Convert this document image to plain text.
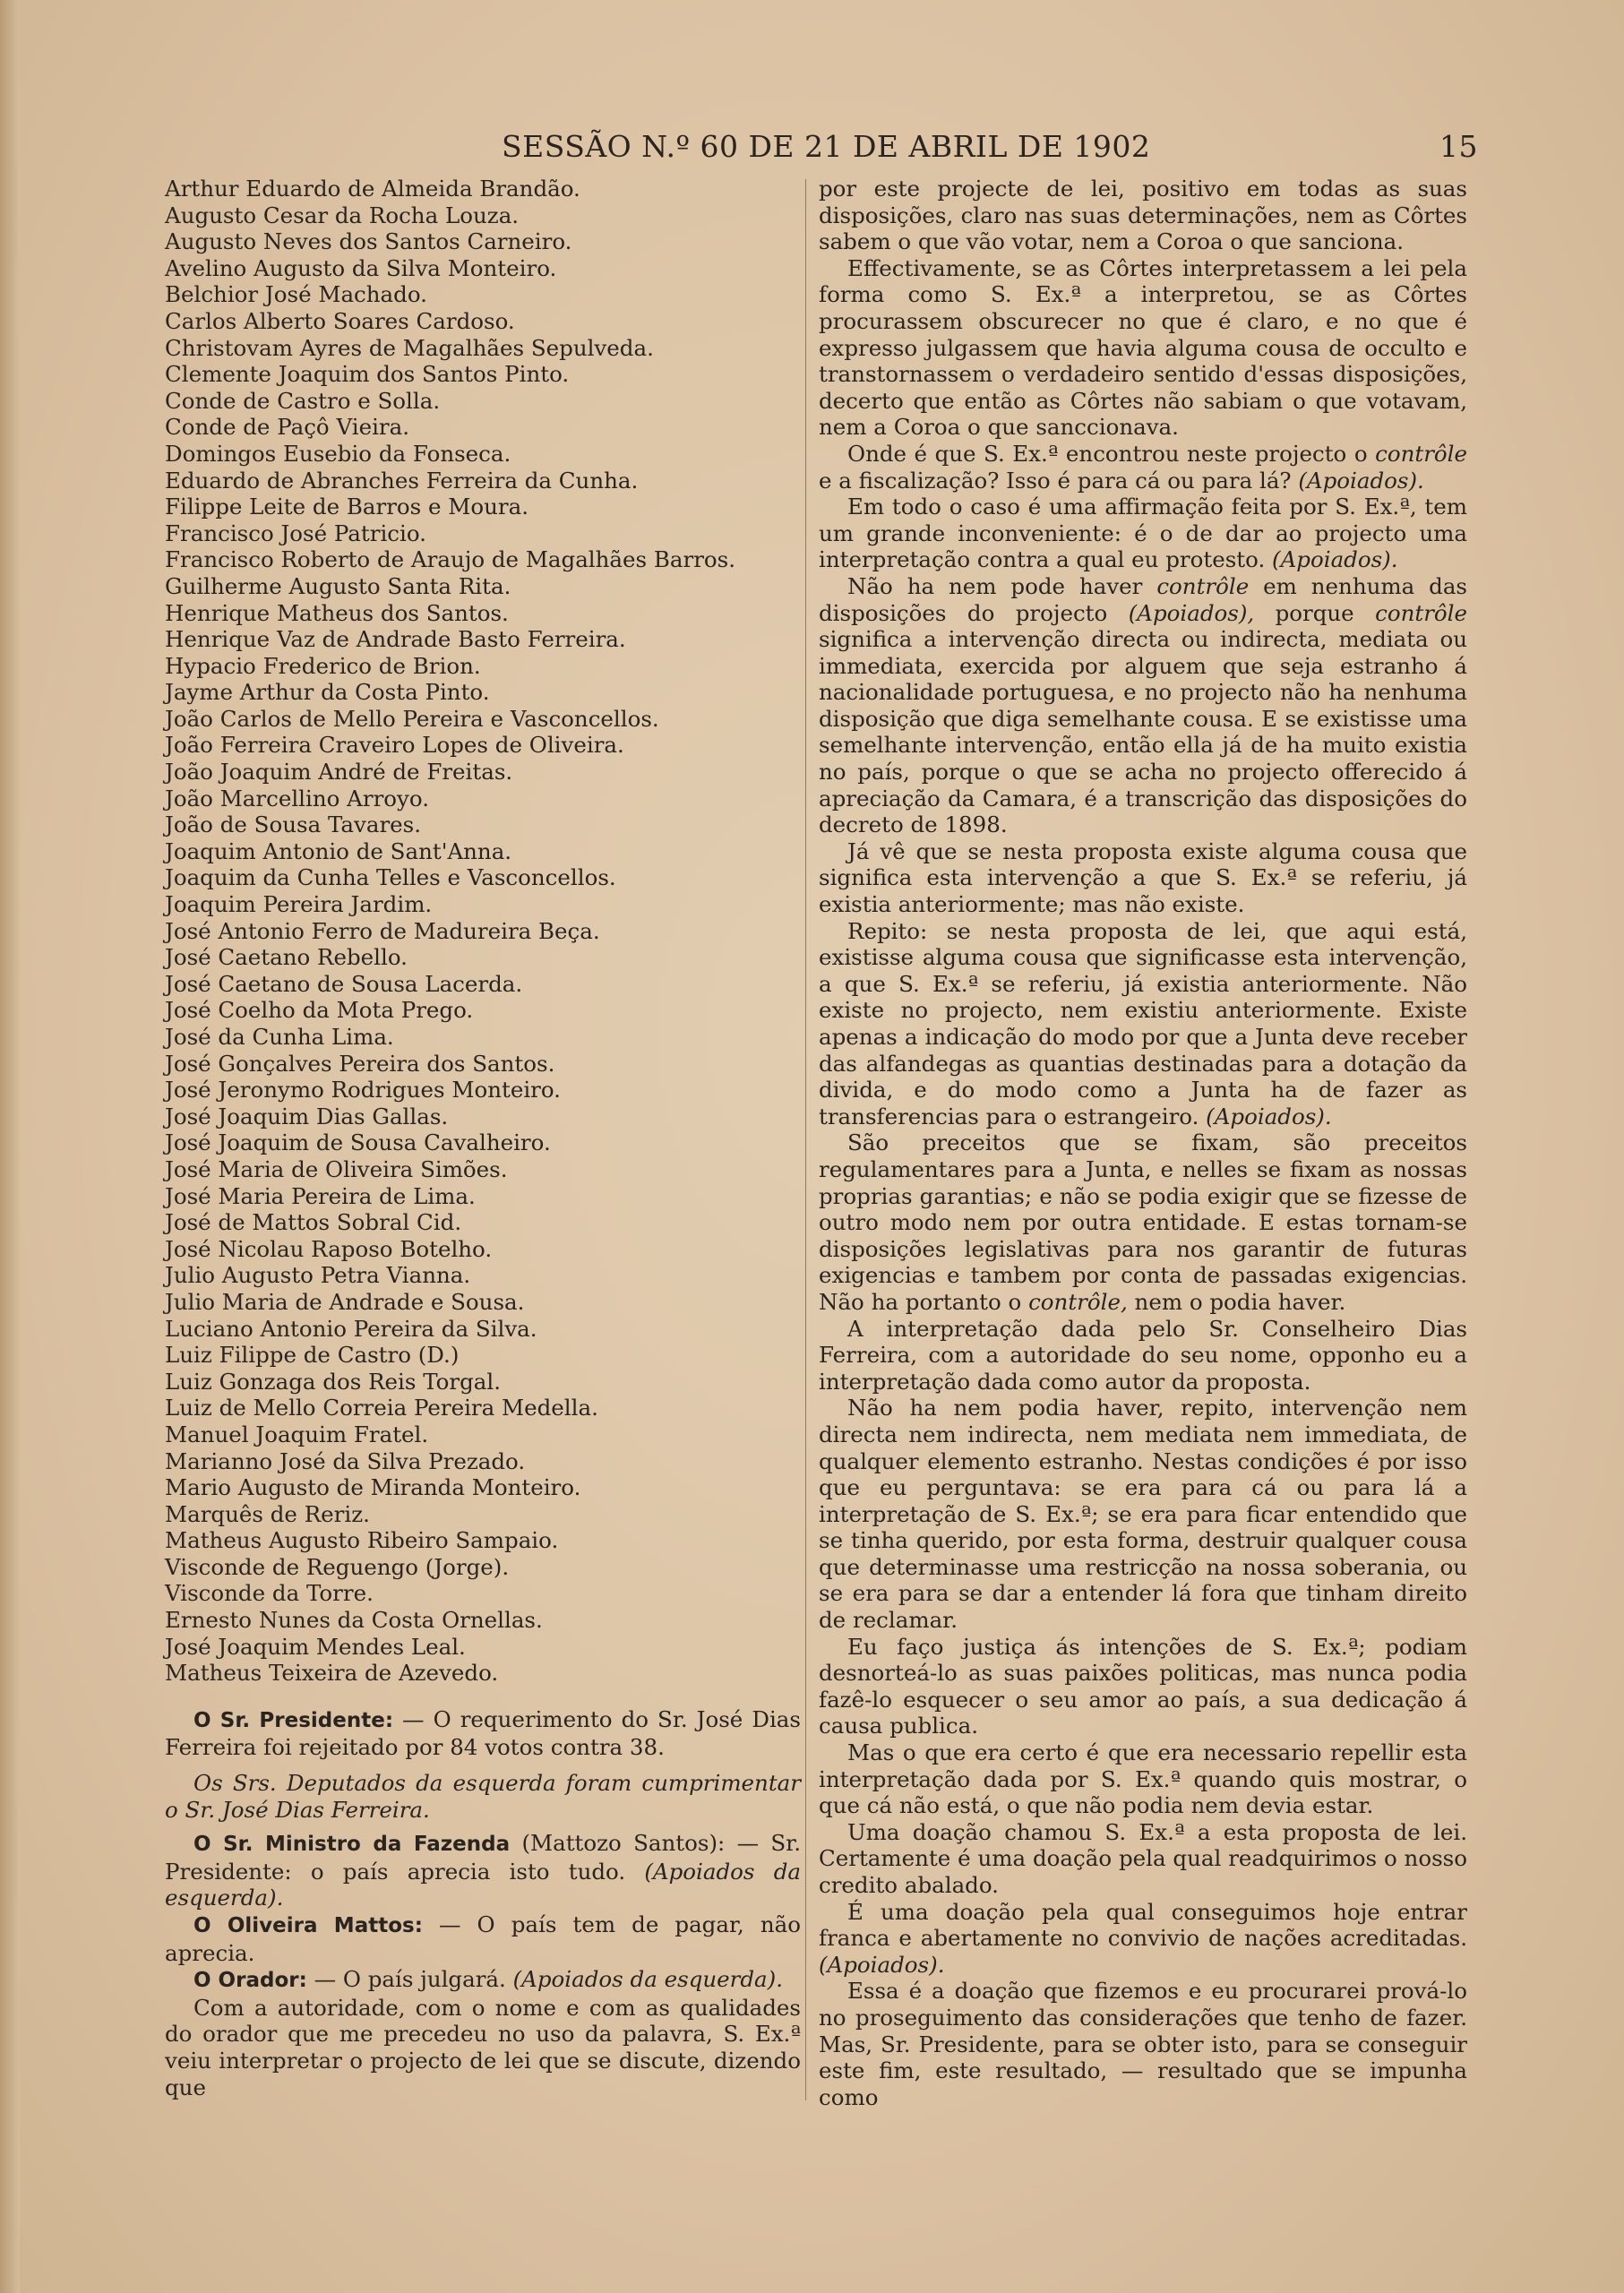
SESSÃO N.º 60 DE 21 DE ABRIL DE 1902	15
Arthur Eduardo de Almeida Brandão.
Augusto Cesar da Rocha Louza.
Augusto Neves dos Santos Carneiro.
Avelino Augusto da Silva Monteiro.
Belchior José Machado.
Carlos Alberto Soares Cardoso.
Christovam Ayres de Magalhães Sepulveda.
Clemente Joaquim dos Santos Pinto.
Conde de Castro e Solla.
Conde de Paçô Vieira.
Domingos Eusebio da Fonseca.
Eduardo de Abranches Ferreira da Cunha.
Filippe Leite de Barros e Moura.
Francisco José Patricio.
Francisco Roberto de Araujo de Magalhães Barros.
Guilherme Augusto Santa Rita.
Henrique Matheus dos Santos.
Henrique Vaz de Andrade Basto Ferreira.
Hypacio Frederico de Brion.
Jayme Arthur da Costa Pinto.
João Carlos de Mello Pereira e Vasconcellos.
João Ferreira Craveiro Lopes de Oliveira.
João Joaquim André de Freitas.
João Marcellino Arroyo.
João de Sousa Tavares.
Joaquim Antonio de Sant'Anna.
Joaquim da Cunha Telles e Vasconcellos.
Joaquim Pereira Jardim.
José Antonio Ferro de Madureira Beça.
José Caetano Rebello.
José Caetano de Sousa Lacerda.
José Coelho da Mota Prego.
José da Cunha Lima.
José Gonçalves Pereira dos Santos.
José Jeronymo Rodrigues Monteiro.
José Joaquim Dias Gallas.
José Joaquim de Sousa Cavalheiro.
José Maria de Oliveira Simões.
José Maria Pereira de Lima.
José de Mattos Sobral Cid.
José Nicolau Raposo Botelho.
Julio Augusto Petra Vianna.
Julio Maria de Andrade e Sousa.
Luciano Antonio Pereira da Silva.
Luiz Filippe de Castro (D.)
Luiz Gonzaga dos Reis Torgal.
Luiz de Mello Correia Pereira Medella.
Manuel Joaquim Fratel.
Marianno José da Silva Prezado.
Mario Augusto de Miranda Monteiro.
Marquês de Reriz.
Matheus Augusto Ribeiro Sampaio.
Visconde de Reguengo (Jorge).
Visconde da Torre.
Ernesto Nunes da Costa Ornellas.
José Joaquim Mendes Leal.
Matheus Teixeira de Azevedo.

O Sr. Presidente: — O requerimento do Sr. José Dias Ferreira foi rejeitado por 84 votos contra 38.

Os Srs. Deputados da esquerda foram cumprimentar o Sr. José Dias Ferreira.

O Sr. Ministro da Fazenda (Mattozo Santos): — Sr. Presidente: o país aprecia isto tudo. (Apoiados da esquerda).

O Oliveira Mattos: — O país tem de pagar, não aprecia.

O Orador: — O país julgará. (Apoiados da esquerda).

Com a autoridade, com o nome e com as qualidades do orador que me precedeu no uso da palavra, S. Ex.ª veiu interpretar o projecto de lei que se discute, dizendo que

por este projecte de lei, positivo em todas as suas disposições, claro nas suas determinações, nem as Côrtes sabem o que vão votar, nem a Coroa o que sanciona.

Effectivamente, se as Côrtes interpretassem a lei pela forma como S. Ex.ª a interpretou, se as Côrtes procurassem obscurecer no que é claro, e no que é expresso julgassem que havia alguma cousa de occulto e transtornassem o verdadeiro sentido d'essas disposições, decerto que então as Côrtes não sabiam o que votavam, nem a Coroa o que sanccionava.

Onde é que S. Ex.ª encontrou neste projecto o contrôle e a fiscalização? Isso é para cá ou para lá? (Apoiados).

Em todo o caso é uma affirmação feita por S. Ex.ª, tem um grande inconveniente: é o de dar ao projecto uma interpretação contra a qual eu protesto. (Apoiados).

Não ha nem pode haver contrôle em nenhuma das disposições do projecto (Apoiados), porque contrôle significa a intervenção directa ou indirecta, mediata ou immediata, exercida por alguem que seja estranho á nacionalidade portuguesa, e no projecto não ha nenhuma disposição que diga semelhante cousa. E se existisse uma semelhante intervenção, então ella já de ha muito existia no país, porque o que se acha no projecto offerecido á apreciação da Camara, é a transcrição das disposições do decreto de 1898.

Já vê que se nesta proposta existe alguma cousa que significa esta intervenção a que S. Ex.ª se referiu, já existia anteriormente; mas não existe.

Repito: se nesta proposta de lei, que aqui está, existisse alguma cousa que significasse esta intervenção, a que S. Ex.ª se referiu, já existia anteriormente. Não existe no projecto, nem existiu anteriormente. Existe apenas a indicação do modo por que a Junta deve receber das alfandegas as quantias destinadas para a dotação da divida, e do modo como a Junta ha de fazer as transferencias para o estrangeiro. (Apoiados).

São preceitos que se fixam, são preceitos regulamentares para a Junta, e nelles se fixam as nossas proprias garantias; e não se podia exigir que se fizesse de outro modo nem por outra entidade. E estas tornam-se disposições legislativas para nos garantir de futuras exigencias e tambem por conta de passadas exigencias. Não ha portanto o contrôle, nem o podia haver.

A interpretação dada pelo Sr. Conselheiro Dias Ferreira, com a autoridade do seu nome, opponho eu a interpretação dada como autor da proposta.

Não ha nem podia haver, repito, intervenção nem directa nem indirecta, nem mediata nem immediata, de qualquer elemento estranho. Nestas condições é por isso que eu perguntava: se era para cá ou para lá a interpretação de S. Ex.ª; se era para ficar entendido que se tinha querido, por esta forma, destruir qualquer cousa que determinasse uma restricção na nossa soberania, ou se era para se dar a entender lá fora que tinham direito de reclamar.

Eu faço justiça ás intenções de S. Ex.ª; podiam desnorteá-lo as suas paixões politicas, mas nunca podia fazê-lo esquecer o seu amor ao país, a sua dedicação á causa publica.

Mas o que era certo é que era necessario repellir esta interpretação dada por S. Ex.ª quando quis mostrar, o que cá não está, o que não podia nem devia estar.

Uma doação chamou S. Ex.ª a esta proposta de lei. Certamente é uma doação pela qual readquirimos o nosso credito abalado.

É uma doação pela qual conseguimos hoje entrar franca e abertamente no convivio de nações acreditadas. (Apoiados).

Essa é a doação que fizemos e eu procurarei prová-lo no proseguimento das considerações que tenho de fazer. Mas, Sr. Presidente, para se obter isto, para se conseguir este fim, este resultado, — resultado que se impunha como
